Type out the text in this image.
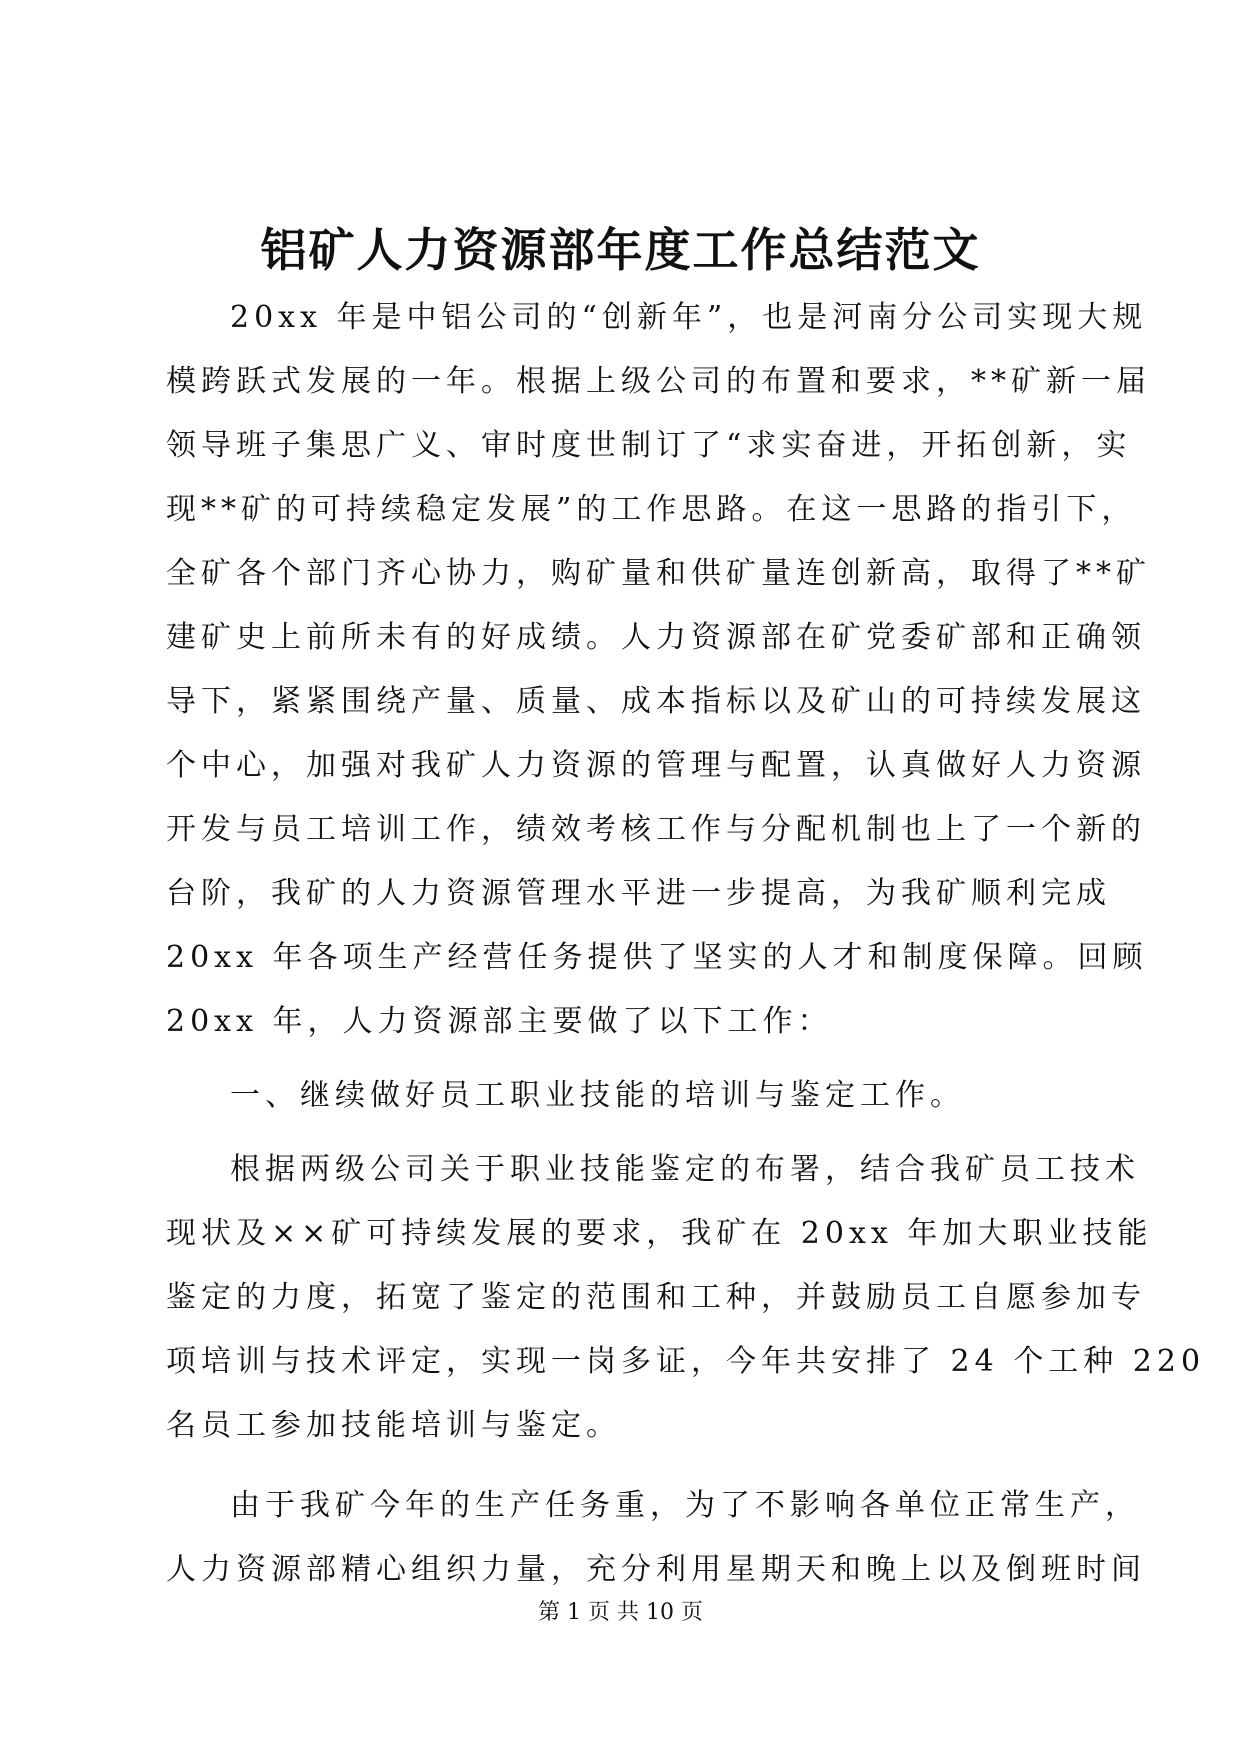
铝矿人力资源部年度工作总结范文
20xx 年是中铝公司的“创新年”，也是河南分公司实现大规
模跨跃式发展的一年。根据上级公司的布置和要求，**矿新一届
领导班子集思广义、审时度世制订了“求实奋进，开拓创新，实
现**矿的可持续稳定发展”的工作思路。在这一思路的指引下，
全矿各个部门齐心协力，购矿量和供矿量连创新高，取得了**矿
建矿史上前所未有的好成绩。人力资源部在矿党委矿部和正确领
导下，紧紧围绕产量、质量、成本指标以及矿山的可持续发展这
个中心，加强对我矿人力资源的管理与配置，认真做好人力资源
开发与员工培训工作，绩效考核工作与分配机制也上了一个新的
台阶，我矿的人力资源管理水平进一步提高，为我矿顺利完成
20xx 年各项生产经营任务提供了坚实的人才和制度保障。回顾
20xx 年，人力资源部主要做了以下工作：
一、继续做好员工职业技能的培训与鉴定工作。
根据两级公司关于职业技能鉴定的布署，结合我矿员工技术
现状及××矿可持续发展的要求，我矿在 20xx 年加大职业技能
鉴定的力度，拓宽了鉴定的范围和工种，并鼓励员工自愿参加专
项培训与技术评定，实现一岗多证，今年共安排了 24 个工种 220
名员工参加技能培训与鉴定。
由于我矿今年的生产任务重，为了不影响各单位正常生产，
人力资源部精心组织力量，充分利用星期天和晚上以及倒班时间
第 1 页 共 10 页
